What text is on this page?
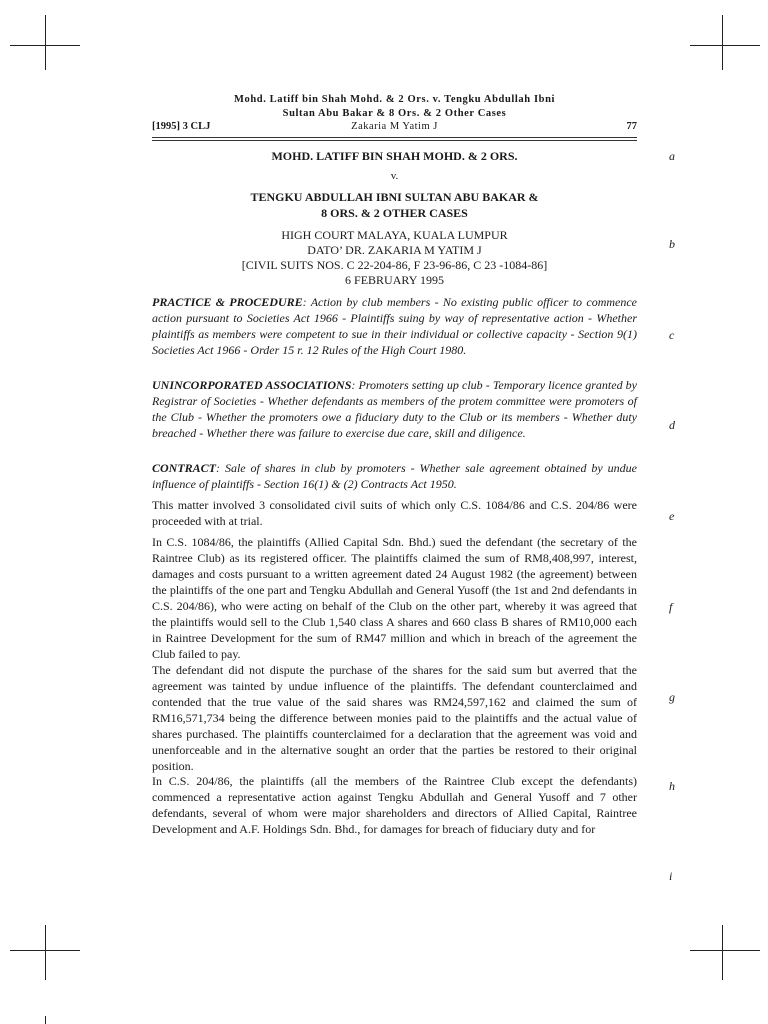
Mohd. Latiff bin Shah Mohd. & 2 Ors. v. Tengku Abdullah Ibni
Sultan Abu Bakar & 8 Ors. & 2 Other Cases
[1995] 3 CLJ	Zakaria M Yatim J	77
MOHD. LATIFF BIN SHAH MOHD. & 2 ORS.
v.
TENGKU ABDULLAH IBNI SULTAN ABU BAKAR &
8 ORS. & 2 OTHER CASES
HIGH COURT MALAYA, KUALA LUMPUR
DATO’ DR. ZAKARIA M YATIM J
[CIVIL SUITS NOS. C 22-204-86, F 23-96-86, C 23 -1084-86]
6 FEBRUARY 1995

PRACTICE & PROCEDURE: Action by club members - No existing public officer to commence action pursuant to Societies Act 1966 - Plaintiffs suing by way of representative action - Whether plaintiffs as members were competent to sue in their individual or collective capacity - Section 9(1) Societies Act 1966 - Order 15 r. 12 Rules of the High Court 1980.

UNINCORPORATED ASSOCIATIONS: Promoters setting up club - Temporary licence granted by Registrar of Societies - Whether defendants as members of the protem committee were promoters of the Club - Whether the promoters owe a fiduciary duty to the Club or its members - Whether duty breached - Whether there was failure to exercise due care, skill and diligence.

CONTRACT: Sale of shares in club by promoters - Whether sale agreement obtained by undue influence of plaintiffs - Section 16(1) & (2) Contracts Act 1950.

This matter involved 3 consolidated civil suits of which only C.S. 1084/86 and C.S. 204/86 were proceeded with at trial.

In C.S. 1084/86, the plaintiffs (Allied Capital Sdn. Bhd.) sued the defendant (the secretary of the Raintree Club) as its registered officer. The plaintiffs claimed the sum of RM8,408,997, interest, damages and costs pursuant to a written agreement dated 24 August 1982 (the agreement) between the plaintiffs of the one part and Tengku Abdullah and General Yusoff (the 1st and 2nd defendants in C.S. 204/86), who were acting on behalf of the Club on the other part, whereby it was agreed that the plaintiffs would sell to the Club 1,540 class A shares and 660 class B shares of RM10,000 each in Raintree Development for the sum of RM47 million and which in breach of the agreement the Club failed to pay.

The defendant did not dispute the purchase of the shares for the said sum but averred that the agreement was tainted by undue influence of the plaintiffs. The defendant counterclaimed and contended that the true value of the said shares was RM24,597,162 and claimed the sum of RM16,571,734 being the difference between monies paid to the plaintiffs and the actual value of shares purchased. The plaintiffs counterclaimed for a declaration that the agreement was void and unenforceable and in the alternative sought an order that the parties be restored to their original position.

In C.S. 204/86, the plaintiffs (all the members of the Raintree Club except the defendants) commenced a representative action against Tengku Abdullah and General Yusoff and 7 other defendants, several of whom were major shareholders and directors of Allied Capital, Raintree Development and A.F. Holdings Sdn. Bhd., for damages for breach of fiduciary duty and for

a
b
c
d
e
f
g
h
i
